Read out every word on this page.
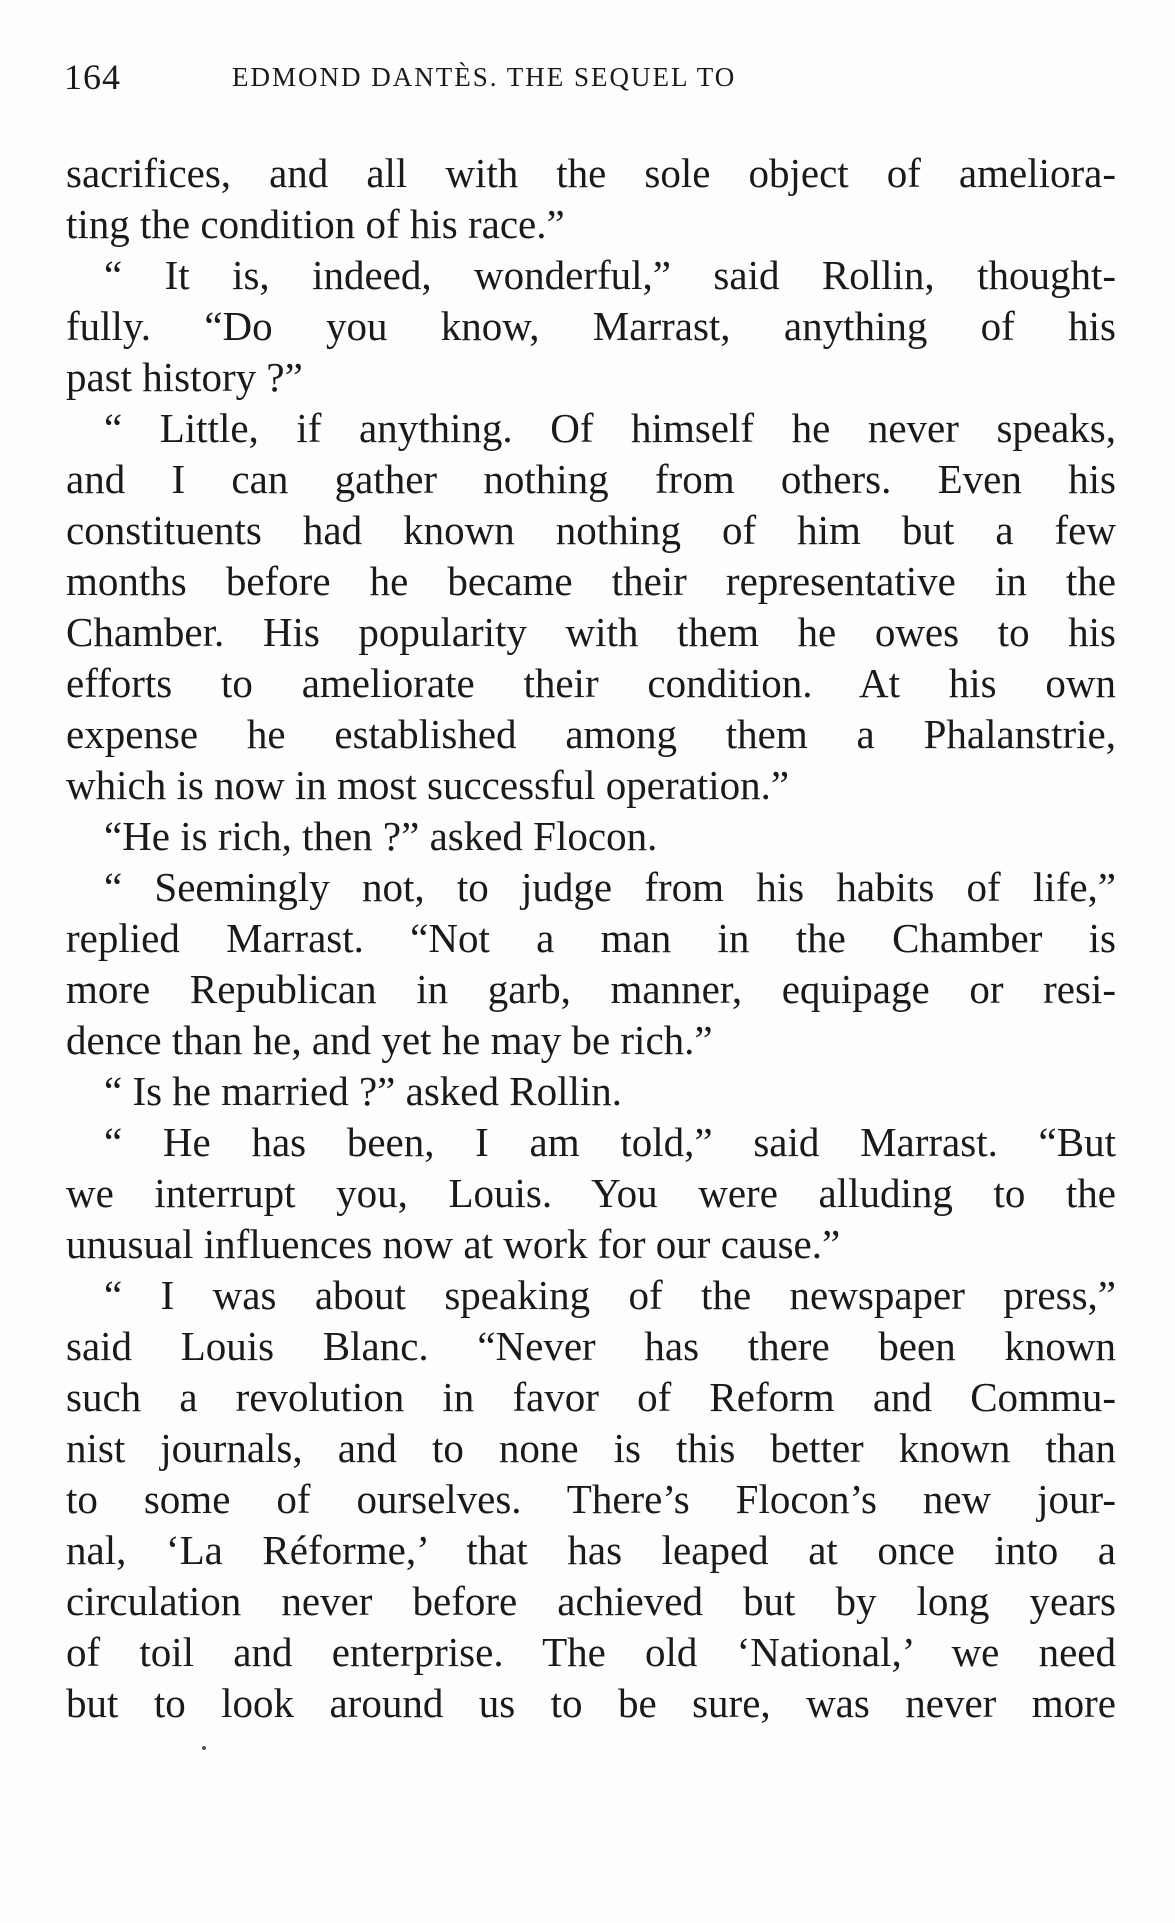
164	EDMOND DANTÈS. THE SEQUEL TO
sacrifices, and all with the sole object of ameliora-
ting the condition of his race.”
“ It is, indeed, wonderful,” said Rollin, thought-
fully. “Do you know, Marrast, anything of his
past history ?”
“ Little, if anything. Of himself he never speaks,
and I can gather nothing from others. Even his
constituents had known nothing of him but a few
months before he became their representative in the
Chamber. His popularity with them he owes to his
efforts to ameliorate their condition. At his own
expense he established among them a Phalanstrie,
which is now in most successful operation.”
“He is rich, then ?” asked Flocon.
“ Seemingly not, to judge from his habits of life,”
replied Marrast. “Not a man in the Chamber is
more Republican in garb, manner, equipage or resi-
dence than he, and yet he may be rich.”
“ Is he married ?” asked Rollin.
“ He has been, I am told,” said Marrast. “But
we interrupt you, Louis. You were alluding to the
unusual influences now at work for our cause.”
“ I was about speaking of the newspaper press,”
said Louis Blanc. “Never has there been known
such a revolution in favor of Reform and Commu-
nist journals, and to none is this better known than
to some of ourselves. There’s Flocon’s new jour-
nal, ‘La Réforme,’ that has leaped at once into a
circulation never before achieved but by long years
of toil and enterprise. The old ‘National,’ we need
but to look around us to be sure, was never more
